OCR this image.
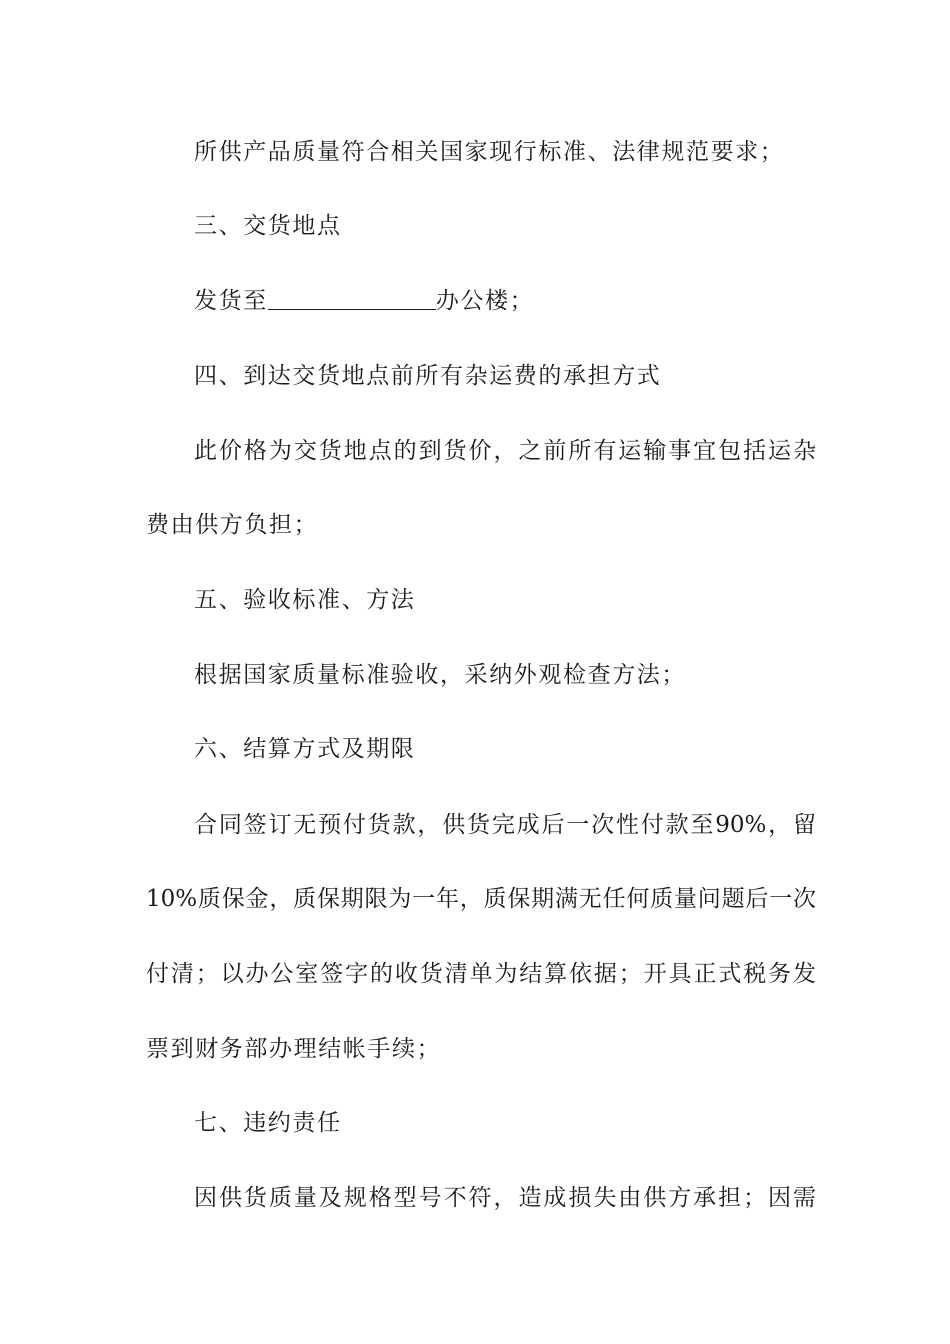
所供产品质量符合相关国家现行标准、法律规范要求；
三、交货地点
发货至	办公楼；
四、到达交货地点前所有杂运费的承担方式
此价格为交货地点的到货价，之前所有运输事宜包括运杂
费由供方负担；
五、验收标准、方法
根据国家质量标准验收，采纳外观检查方法；
六、结算方式及期限
合同签订无预付货款，供货完成后一次性付款至90%，留
10%质保金，质保期限为一年，质保期满无任何质量问题后一次
付清；以办公室签字的收货清单为结算依据；开具正式税务发
票到财务部办理结帐手续；
七、违约责任
因供货质量及规格型号不符，造成损失由供方承担；因需
